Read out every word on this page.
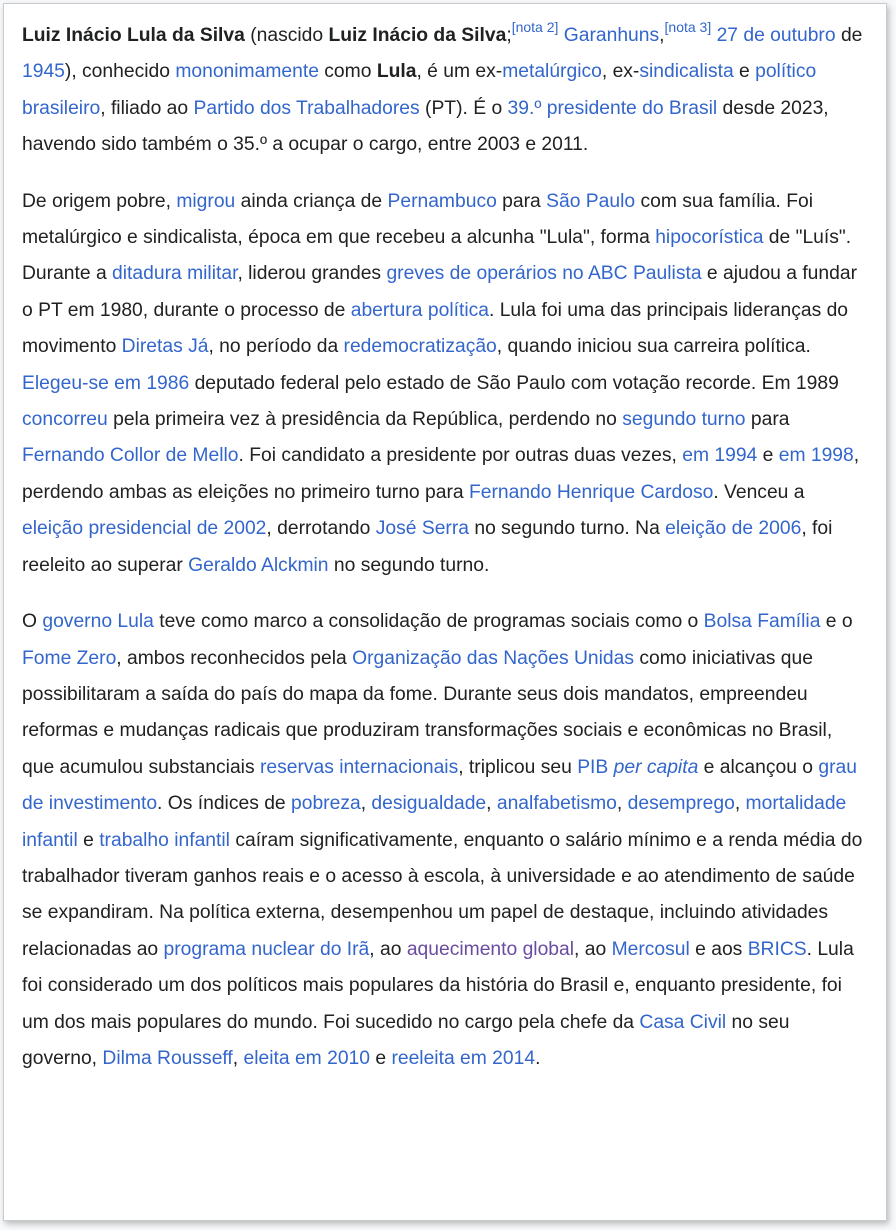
Luiz Inácio Lula da Silva (nascido Luiz Inácio da Silva;[nota 2] Garanhuns,[nota 3] 27 de outubro de 1945), conhecido mononimamente como Lula, é um ex-metalúrgico, ex-sindicalista e político brasileiro, filiado ao Partido dos Trabalhadores (PT). É o 39.º presidente do Brasil desde 2023, havendo sido também o 35.º a ocupar o cargo, entre 2003 e 2011.

De origem pobre, migrou ainda criança de Pernambuco para São Paulo com sua família. Foi metalúrgico e sindicalista, época em que recebeu a alcunha "Lula", forma hipocorística de "Luís". Durante a ditadura militar, liderou grandes greves de operários no ABC Paulista e ajudou a fundar o PT em 1980, durante o processo de abertura política. Lula foi uma das principais lideranças do movimento Diretas Já, no período da redemocratização, quando iniciou sua carreira política. Elegeu-se em 1986 deputado federal pelo estado de São Paulo com votação recorde. Em 1989 concorreu pela primeira vez à presidência da República, perdendo no segundo turno para Fernando Collor de Mello. Foi candidato a presidente por outras duas vezes, em 1994 e em 1998, perdendo ambas as eleições no primeiro turno para Fernando Henrique Cardoso. Venceu a eleição presidencial de 2002, derrotando José Serra no segundo turno. Na eleição de 2006, foi reeleito ao superar Geraldo Alckmin no segundo turno.

O governo Lula teve como marco a consolidação de programas sociais como o Bolsa Família e o Fome Zero, ambos reconhecidos pela Organização das Nações Unidas como iniciativas que possibilitaram a saída do país do mapa da fome. Durante seus dois mandatos, empreendeu reformas e mudanças radicais que produziram transformações sociais e econômicas no Brasil, que acumulou substanciais reservas internacionais, triplicou seu PIB per capita e alcançou o grau de investimento. Os índices de pobreza, desigualdade, analfabetismo, desemprego, mortalidade infantil e trabalho infantil caíram significativamente, enquanto o salário mínimo e a renda média do trabalhador tiveram ganhos reais e o acesso à escola, à universidade e ao atendimento de saúde se expandiram. Na política externa, desempenhou um papel de destaque, incluindo atividades relacionadas ao programa nuclear do Irã, ao aquecimento global, ao Mercosul e aos BRICS. Lula foi considerado um dos políticos mais populares da história do Brasil e, enquanto presidente, foi um dos mais populares do mundo. Foi sucedido no cargo pela chefe da Casa Civil no seu governo, Dilma Rousseff, eleita em 2010 e reeleita em 2014.
